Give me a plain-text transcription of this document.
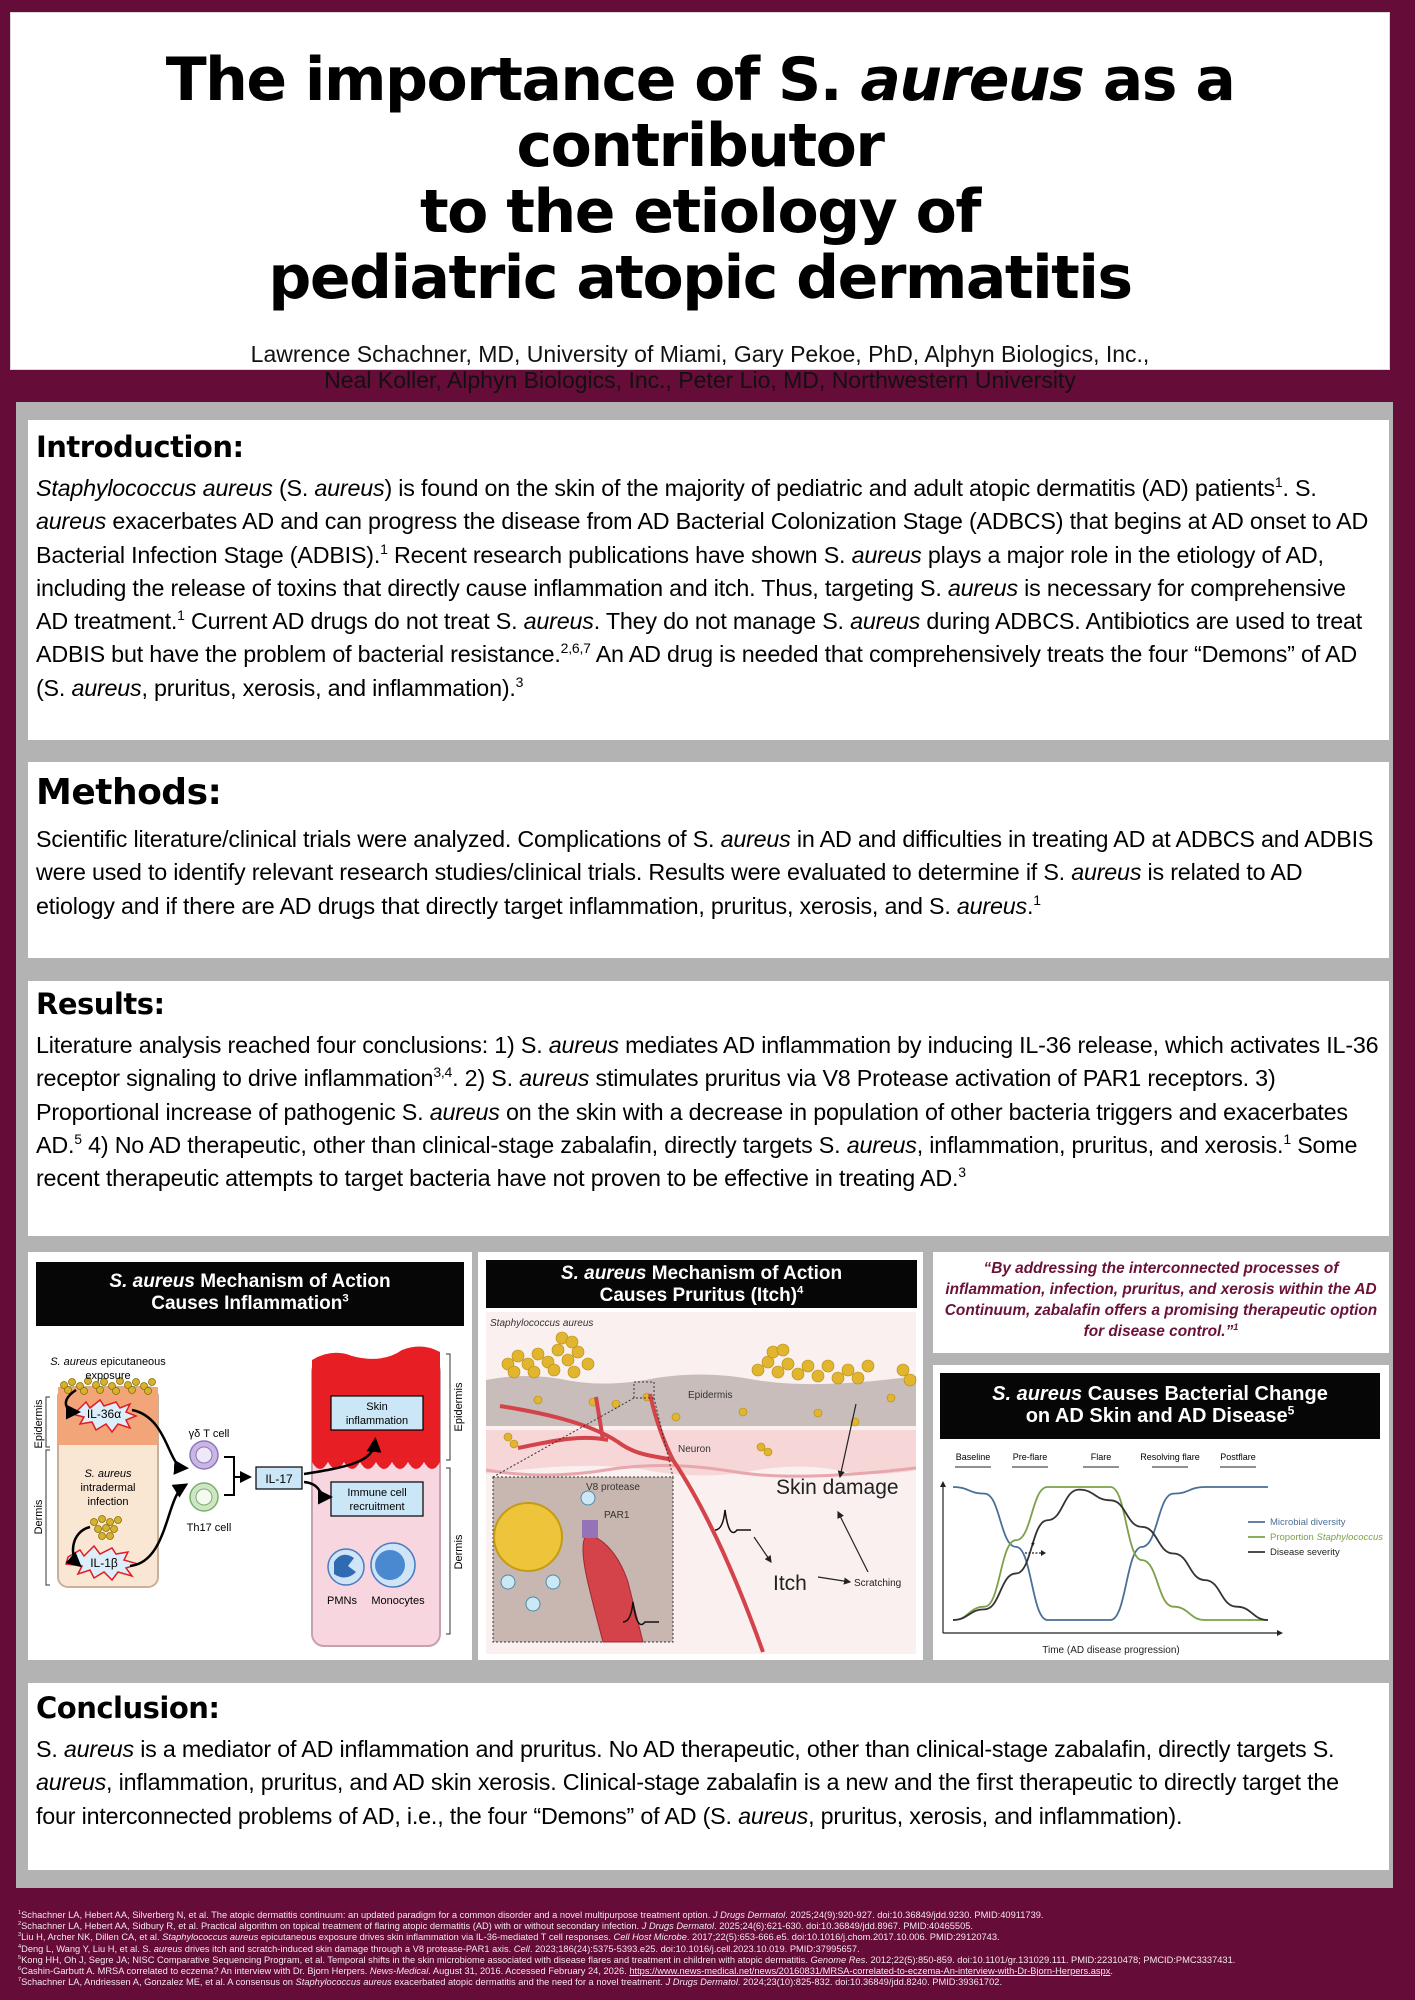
The importance of S. aureus as a contributor
to the etiology of
pediatric atopic dermatitis
Lawrence Schachner, MD, University of Miami, Gary Pekoe, PhD, Alphyn Biologics, Inc.,
Neal Koller, Alphyn Biologics, Inc., Peter Lio, MD, Northwestern University
Introduction:

Staphylococcus aureus (S. aureus) is found on the skin of the majority of pediatric and adult atopic dermatitis (AD) patients$^1$. S. aureus exacerbates AD and can progress the disease from AD Bacterial Colonization Stage (ADBCS) that begins at AD onset to AD Bacterial Infection Stage (ADBIS).$^1$ Recent research publications have shown S. aureus plays a major role in the etiology of AD, including the release of toxins that directly cause inflammation and itch. Thus, targeting S. aureus is necessary for comprehensive AD treatment.$^1$ Current AD drugs do not treat S. aureus. They do not manage S. aureus during ADBCS. Antibiotics are used to treat ADBIS but have the problem of bacterial resistance.$^{2,6,7}$ An AD drug is needed that comprehensively treats the four “Demons” of AD (S. aureus, pruritus, xerosis, and inflammation).$^3$

Methods:

Scientific literature/clinical trials were analyzed. Complications of S. aureus in AD and difficulties in treating AD at ADBCS and ADBIS were used to identify relevant research studies/clinical trials. Results were evaluated to determine if S. aureus is related to AD etiology and if there are AD drugs that directly target inflammation, pruritus, xerosis, and S. aureus.$^1$

Results:

Literature analysis reached four conclusions: 1) S. aureus mediates AD inflammation by inducing IL-36 release, which activates IL-36 receptor signaling to drive inflammation$^{3,4}$. 2) S. aureus stimulates pruritus via V8 Protease activation of PAR1 receptors. 3) Proportional increase of pathogenic S. aureus on the skin with a decrease in population of other bacteria triggers and exacerbates AD.$^5$ 4) No AD therapeutic, other than clinical-stage zabalafin, directly targets S. aureus, inflammation, pruritus, and xerosis.$^1$ Some recent therapeutic attempts to target bacteria have not proven to be effective in treating AD.$^3$

S. aureus Mechanism of Action
Causes Inflammation$^3$
IL-36α
IL-1β
S. aureus epicutaneous
exposure
S. aureus
intradermal
infection
Epidermis
Dermis
γδ T cell
Th17 cell
IL-17
Skin
inflammation
Immune cell
recruitment
PMNs Monocytes
Epidermis
Dermis
Staphylococcus aureus
Epidermis
Neuron
V8 protease
PAR1
Skin damage
Itch	Scratching
S. aureus Mechanism of Action
Causes Pruritus (Itch)$^4$
“By addressing the interconnected processes of inflammation, infection, pruritus, and xerosis within the AD Continuum, zabalafin offers a promising therapeutic option for disease control.”$^1$
S. aureus Causes Bacterial Change
on AD Skin and AD Disease$^5$
Baseline Pre-flare	Flare	Resolving flare Postflare
*
Time (AD disease progression)
Microbial diversity
Proportion Staphylococcus
Disease severity
Conclusion:

S. aureus is a mediator of AD inflammation and pruritus. No AD therapeutic, other than clinical-stage zabalafin, directly targets S. aureus, inflammation, pruritus, and AD skin xerosis. Clinical-stage zabalafin is a new and the first therapeutic to directly target the four interconnected problems of AD, i.e., the four “Demons” of AD (S. aureus, pruritus, xerosis, and inflammation).

$^1$Schachner LA, Hebert AA, Silverberg N, et al. The atopic dermatitis continuum: an updated paradigm for a common disorder and a novel multipurpose treatment option. J Drugs Dermatol. 2025;24(9):920-927. doi:10.36849/jdd.9230. PMID:40911739.
$^2$Schachner LA, Hebert AA, Sidbury R, et al. Practical algorithm on topical treatment of flaring atopic dermatitis (AD) with or without secondary infection. J Drugs Dermatol. 2025;24(6):621-630. doi:10.36849/jdd.8967. PMID:40465505.
$^3$Liu H, Archer NK, Dillen CA, et al. Staphylococcus aureus epicutaneous exposure drives skin inflammation via IL-36-mediated T cell responses. Cell Host Microbe. 2017;22(5):653-666.e5. doi:10.1016/j.chom.2017.10.006. PMID:29120743.
$^4$Deng L, Wang Y, Liu H, et al. S. aureus drives itch and scratch-induced skin damage through a V8 protease-PAR1 axis. Cell. 2023;186(24):5375-5393.e25. doi:10.1016/j.cell.2023.10.019. PMID:37995657.
$^5$Kong HH, Oh J, Segre JA; NISC Comparative Sequencing Program, et al. Temporal shifts in the skin microbiome associated with disease flares and treatment in children with atopic dermatitis. Genome Res. 2012;22(5):850-859. doi:10.1101/gr.131029.111. PMID:22310478; PMCID:PMC3337431.
$^6$Cashin-Garbutt A. MRSA correlated to eczema? An interview with Dr. Bjorn Herpers. News-Medical. August 31, 2016. Accessed February 24, 2026. https://www.news-medical.net/news/20160831/MRSA-correlated-to-eczema-An-interview-with-Dr-Bjorn-Herpers.aspx.
$^7$Schachner LA, Andriessen A, Gonzalez ME, et al. A consensus on Staphylococcus aureus exacerbated atopic dermatitis and the need for a novel treatment. J Drugs Dermatol. 2024;23(10):825-832. doi:10.36849/jdd.8240. PMID:39361702.
